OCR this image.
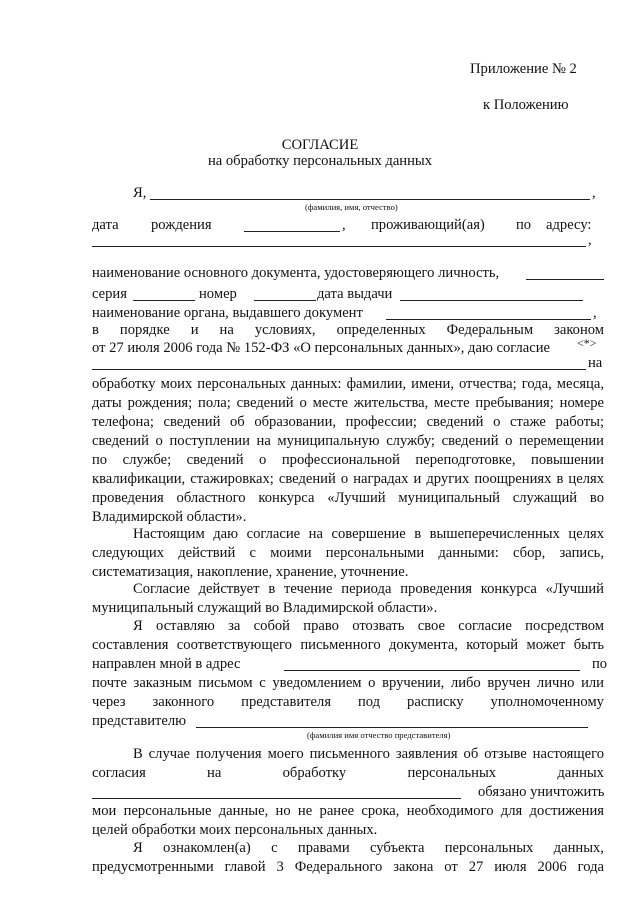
Приложение № 2
к Положению
СОГЛАСИЕ
на обработку персональных данных
Я,	,
(фамилия, имя, отчество)
дата рождения	, проживающий(ая) по адресу:
,
наименование основного документа, удостоверяющего личность,
серия	номер	дата выдачи
наименование органа, выдавшего документ	,
в порядке и на условиях, определенных Федеральным законом
от 27 июля 2006 года № 152-ФЗ «О персональных данных», даю согласие <*>
на
обработку моих персональных данных: фамилии, имени, отчества; года, месяца,
даты рождения; пола; сведений о месте жительства, месте пребывания; номере
телефона; сведений об образовании, профессии; сведений о стаже работы;
сведений о поступлении на муниципальную службу; сведений о перемещении
по службе; сведений о профессиональной переподготовке, повышении
квалификации, стажировках; сведений о наградах и других поощрениях в целях
проведения областного конкурса «Лучший муниципальный служащий во
Владимирской области».
Настоящим даю согласие на совершение в вышеперечисленных целях
следующих действий с моими персональными данными: сбор, запись,
систематизация, накопление, хранение, уточнение.
Согласие действует в течение периода проведения конкурса «Лучший
муниципальный служащий во Владимирской области».
Я оставляю за собой право отозвать свое согласие посредством
составления соответствующего письменного документа, который может быть
направлен мной в адрес	по
почте заказным письмом с уведомлением о вручении, либо вручен лично или
через законного представителя под расписку уполномоченному
представителю
(фамилия имя отчество представителя)
В случае получения моего письменного заявления об отзыве настоящего
согласия	на	обработку	персональных	данных
обязано уничтожить
мои персональные данные, но не ранее срока, необходимого для достижения
целей обработки моих персональных данных.
Я ознакомлен(а) с правами субъекта персональных данных,
предусмотренными главой 3 Федерального закона от 27 июля 2006 года
